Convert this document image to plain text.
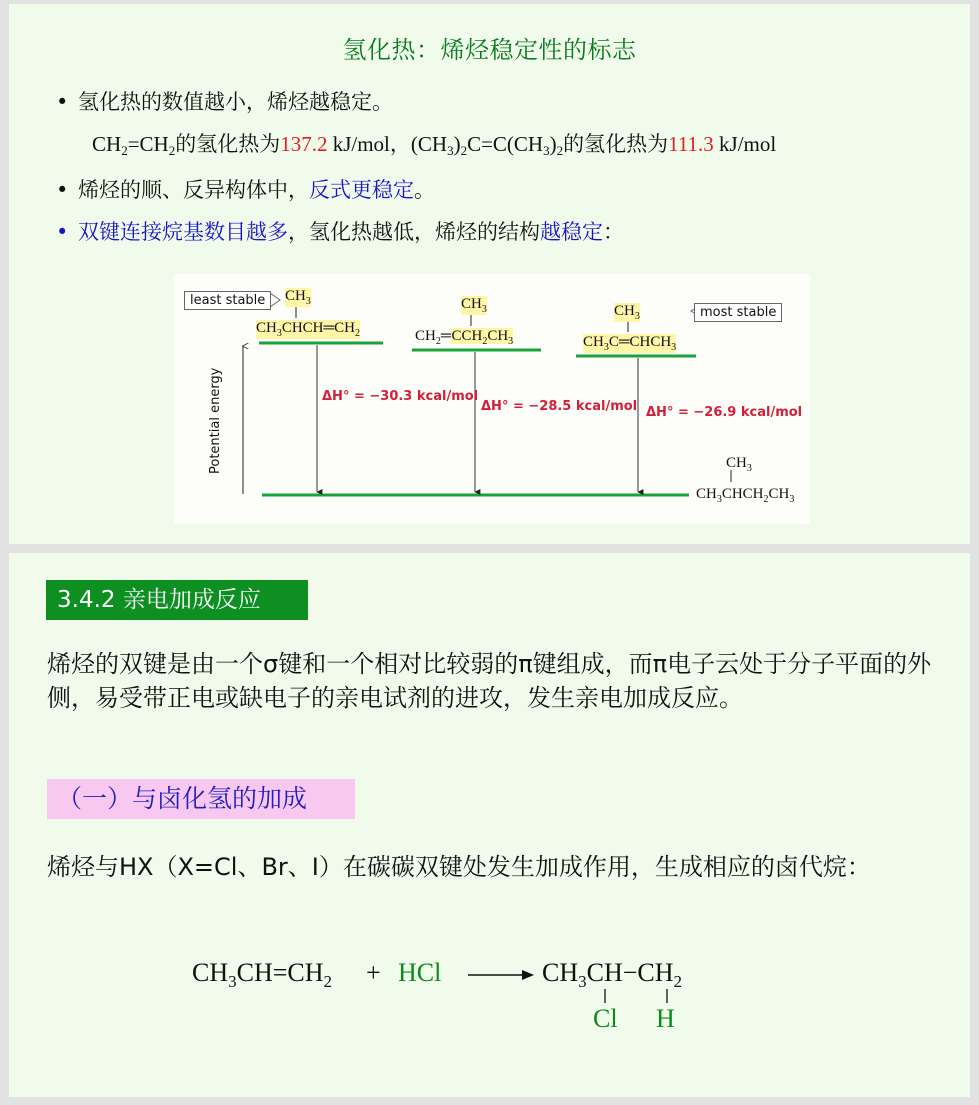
氢化热：烯烃稳定性的标志
• 氢化热的数值越小，烯烃越稳定。
$CH_2=CH_2$的氢化热为137.2 kJ/mol，$(CH_3)_2C=C(CH_3)_2$的氢化热为111.3 kJ/mol
• 烯烃的顺、反异构体中，反式更稳定。
• 双键连接烷基数目越多，氢化热越低，烯烃的结构越稳定：
Potential energy
least stable
most stable
$CH_3$
$CH_3CHCH═CH_2$
$CH_3$
$CH_2═CCH_2CH_3$
$CH_3$
$CH_3C═CHCH_3$
ΔH° = −30.3 kcal/mol
ΔH° = −28.5 kcal/mol ΔH° = −26.9 kcal/mol
$CH_3$
$CH_3CHCH_2CH_3$
3.4.2 亲电加成反应
烯烃的双键是由一个σ键和一个相对比较弱的π键组成，而π电子云处于分子平面的外侧，易受带正电或缺电子的亲电试剂的进攻，发生亲电加成反应。
（一）与卤化氢的加成
烯烃与HX（X=Cl、Br、I）在碳碳双键处发生加成作用，生成相应的卤代烷：
$CH_3CH=CH_2$ + HCl	$CH_3CH-CH_2$
Cl H
